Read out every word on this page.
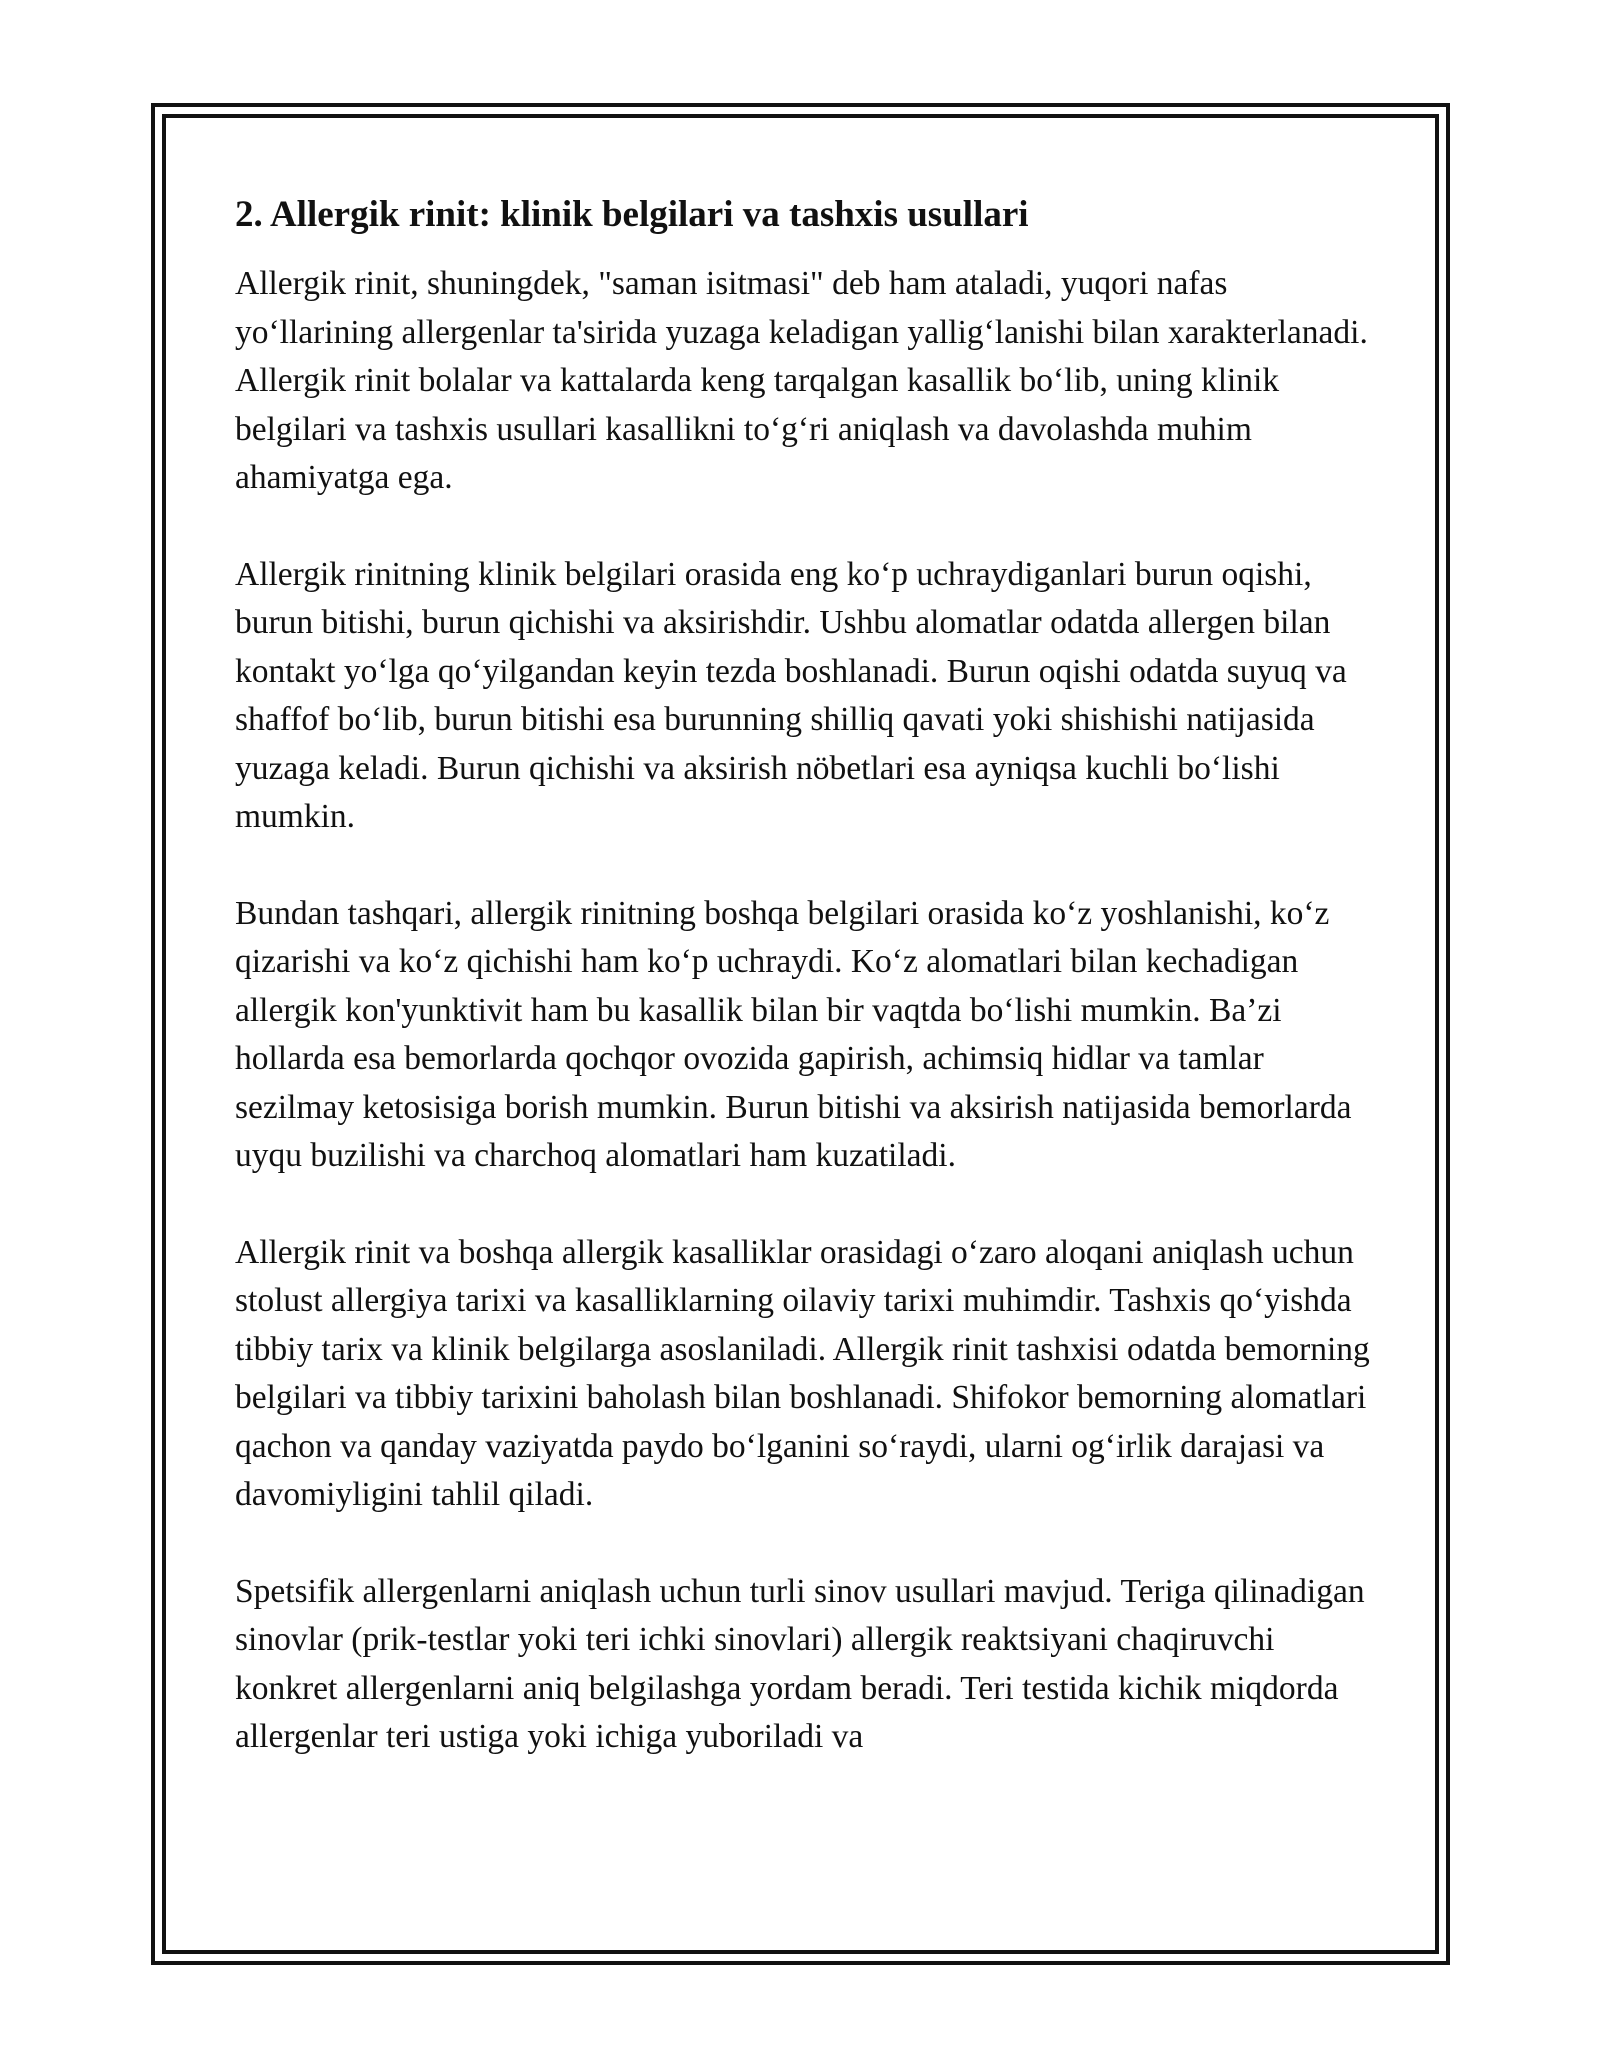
2. Allergik rinit: klinik belgilari va tashxis usullari

Allergik rinit, shuningdek, "saman isitmasi" deb ham ataladi, yuqori nafas yo‘llarining allergenlar ta'sirida yuzaga keladigan yallig‘lanishi bilan xarakterlanadi. Allergik rinit bolalar va kattalarda keng tarqalgan kasallik bo‘lib, uning klinik belgilari va tashxis usullari kasallikni to‘g‘ri aniqlash va davolashda muhim ahamiyatga ega.

Allergik rinitning klinik belgilari orasida eng ko‘p uchraydiganlari burun oqishi, burun bitishi, burun qichishi va aksirishdir. Ushbu alomatlar odatda allergen bilan kontakt yo‘lga qo‘yilgandan keyin tezda boshlanadi. Burun oqishi odatda suyuq va shaffof bo‘lib, burun bitishi esa burunning shilliq qavati yoki shishishi natijasida yuzaga keladi. Burun qichishi va aksirish nöbetlari esa ayniqsa kuchli bo‘lishi mumkin.

Bundan tashqari, allergik rinitning boshqa belgilari orasida ko‘z yoshlanishi, ko‘z qizarishi va ko‘z qichishi ham ko‘p uchraydi. Ko‘z alomatlari bilan kechadigan allergik kon'yunktivit ham bu kasallik bilan bir vaqtda bo‘lishi mumkin. Ba’zi hollarda esa bemorlarda qochqor ovozida gapirish, achimsiq hidlar va tamlar sezilmay ketosisiga borish mumkin. Burun bitishi va aksirish natijasida bemorlarda uyqu buzilishi va charchoq alomatlari ham kuzatiladi.

Allergik rinit va boshqa allergik kasalliklar orasidagi o‘zaro aloqani aniqlash uchun stolust allergiya tarixi va kasalliklarning oilaviy tarixi muhimdir. Tashxis qo‘yishda tibbiy tarix va klinik belgilarga asoslaniladi. Allergik rinit tashxisi odatda bemorning belgilari va tibbiy tarixini baholash bilan boshlanadi. Shifokor bemorning alomatlari qachon va qanday vaziyatda paydo bo‘lganini so‘raydi, ularni og‘irlik darajasi va davomiyligini tahlil qiladi.

Spetsifik allergenlarni aniqlash uchun turli sinov usullari mavjud. Teriga qilinadigan sinovlar (prik-testlar yoki teri ichki sinovlari) allergik reaktsiyani chaqiruvchi konkret allergenlarni aniq belgilashga yordam beradi. Teri testida kichik miqdorda allergenlar teri ustiga yoki ichiga yuboriladi va
